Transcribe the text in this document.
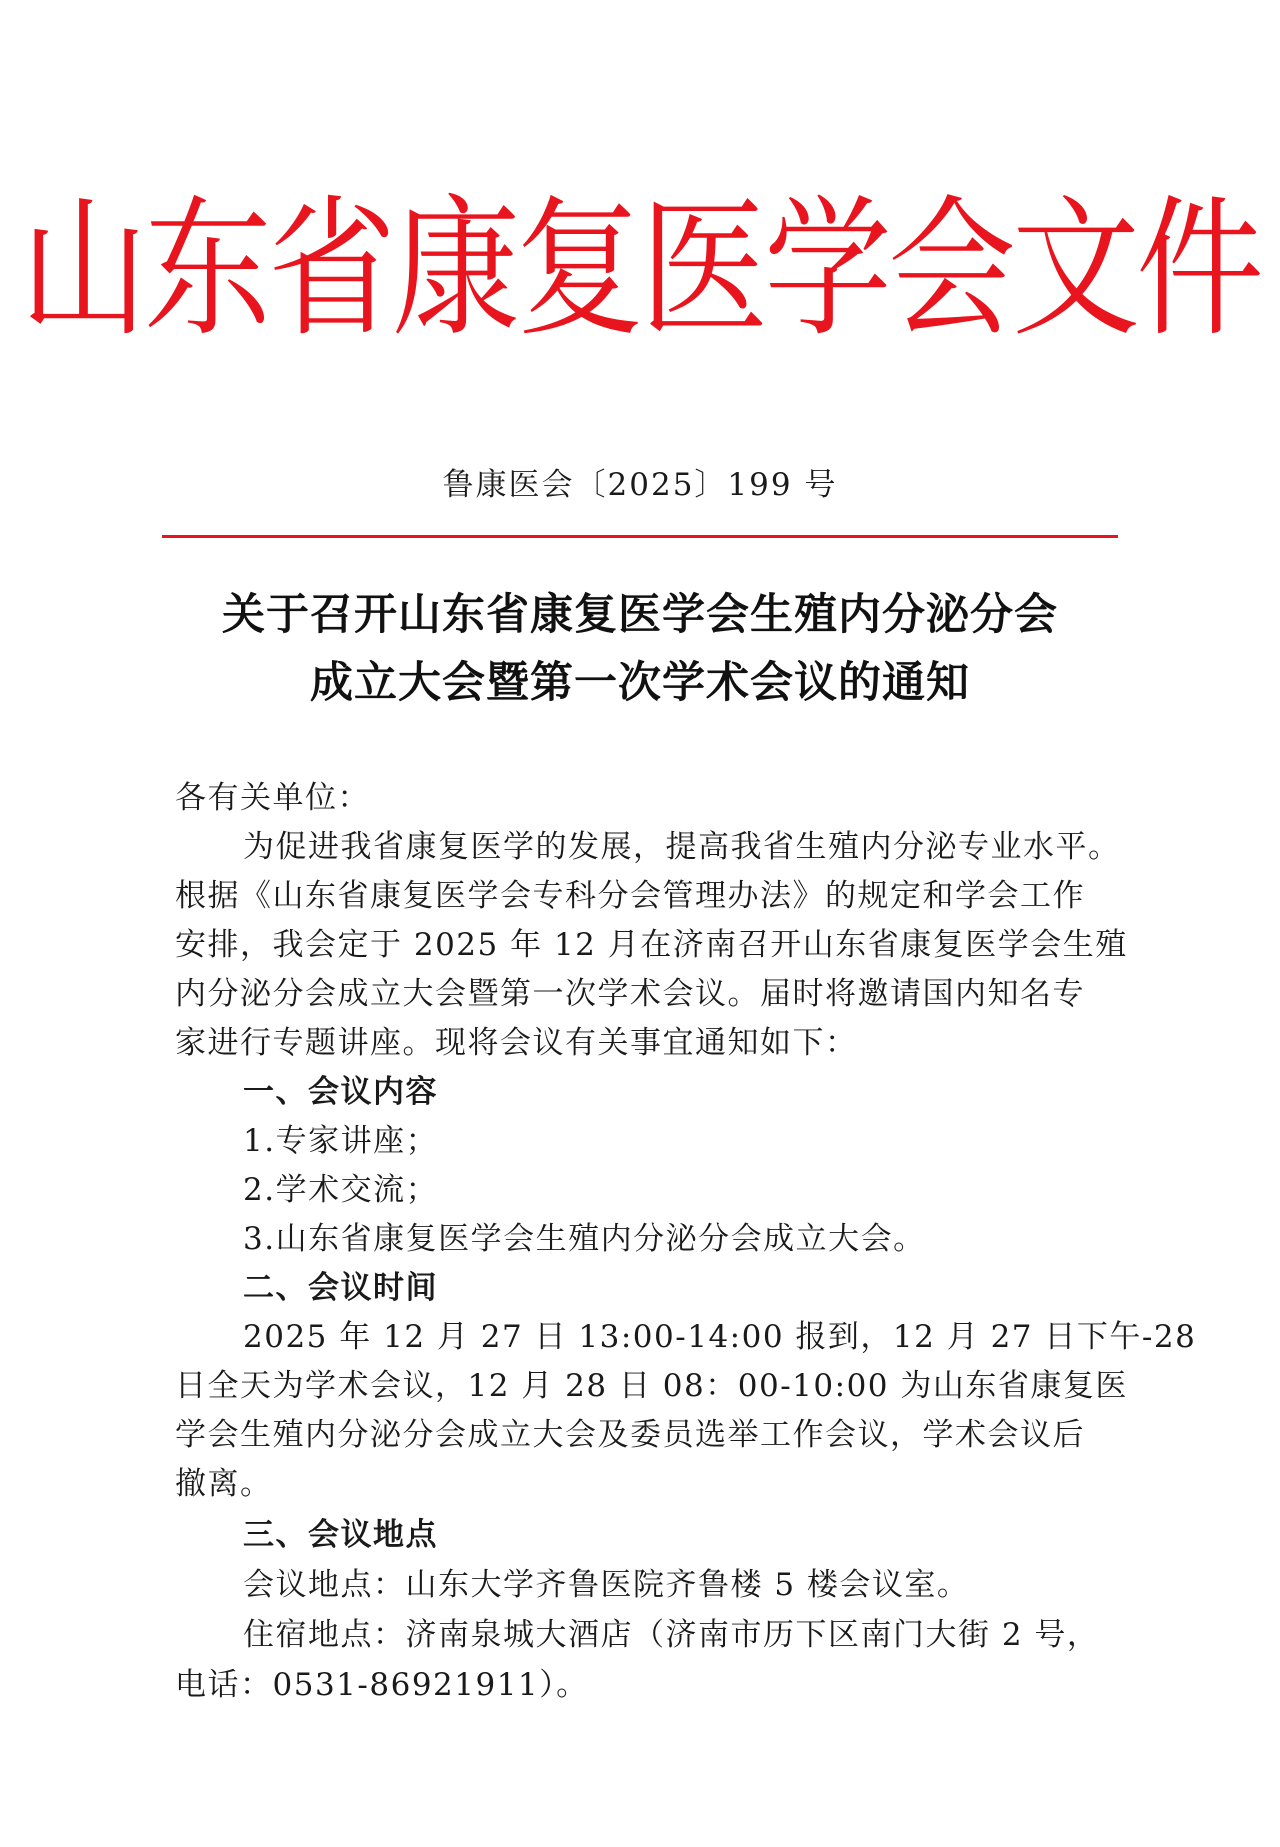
山东省康复医学会文件
鲁康医会〔2025〕199 号
关于召开山东省康复医学会生殖内分泌分会
成立大会暨第一次学术会议的通知
各有关单位：
为促进我省康复医学的发展，提高我省生殖内分泌专业水平。
根据《山东省康复医学会专科分会管理办法》的规定和学会工作
安排，我会定于 2025 年 12 月在济南召开山东省康复医学会生殖
内分泌分会成立大会暨第一次学术会议。届时将邀请国内知名专
家进行专题讲座。现将会议有关事宜通知如下：
一、会议内容
1.专家讲座；
2.学术交流；
3.山东省康复医学会生殖内分泌分会成立大会。
二、会议时间
2025 年 12 月 27 日 13:00-14:00 报到，12 月 27 日下午-28
日全天为学术会议，12 月 28 日 08：00-10:00 为山东省康复医
学会生殖内分泌分会成立大会及委员选举工作会议，学术会议后
撤离。
三、会议地点
会议地点：山东大学齐鲁医院齐鲁楼 5 楼会议室。
住宿地点：济南泉城大酒店（济南市历下区南门大街 2 号，
电话：0531-86921911）。
